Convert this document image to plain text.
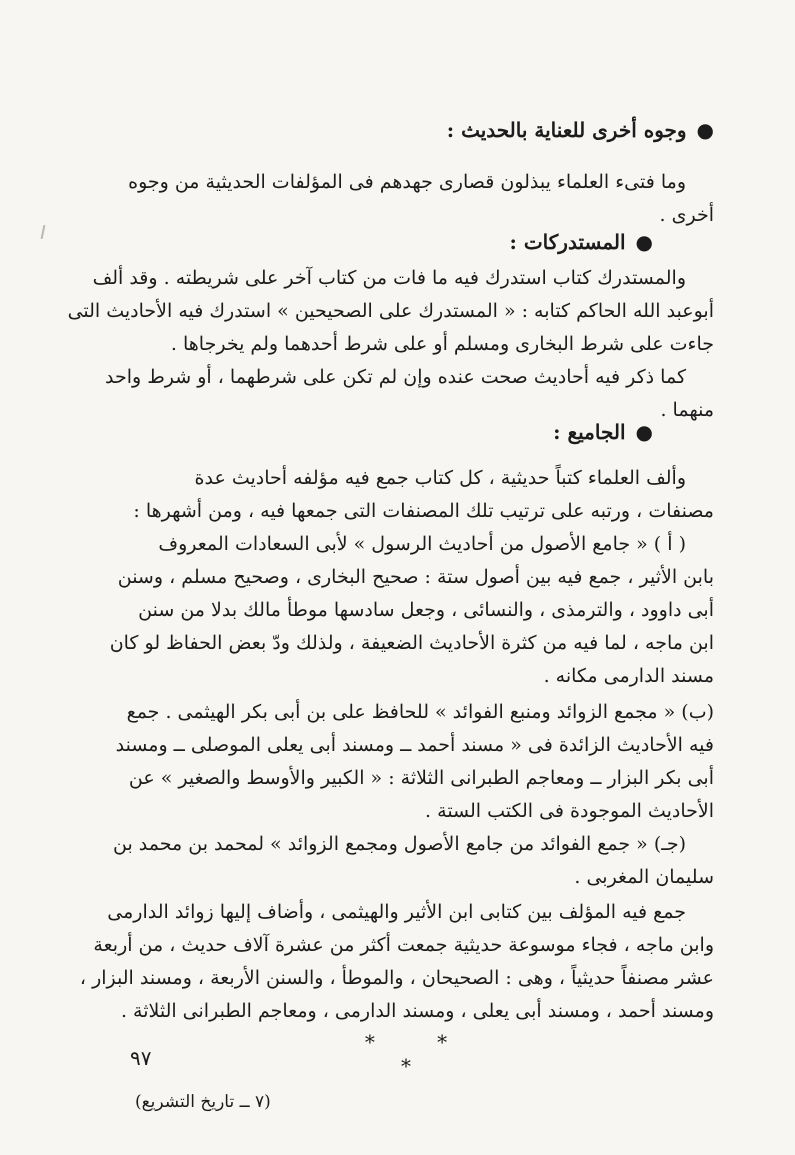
●وجوه أخرى للعناية بالحديث :
وما فتىء العلماء يبذلون قصارى جهدهم فى المؤلفات الحديثية من وجوه
أخرى .
●المستدركات :
والمستدرك كتاب استدرك فيه ما فات من كتاب آخر على شريطته . وقد ألف
أبوعبد الله الحاكم كتابه : « المستدرك على الصحيحين » استدرك فيه الأحاديث التى
جاءت على شرط البخارى ومسلم أو على شرط أحدهما ولم يخرجاها .
كما ذكر فيه أحاديث صحت عنده وإن لم تكن على شرطهما ، أو شرط واحد
منهما .
●الجاميع :
وألف العلماء كتباً حديثية ، كل كتاب جمع فيه مؤلفه أحاديث عدة
مصنفات ، ورتبه على ترتيب تلك المصنفات التى جمعها فيه ، ومن أشهرها :
( أ ) « جامع الأصول من أحاديث الرسول » لأبى السعادات المعروف
بابن الأثير ، جمع فيه بين أصول ستة : صحيح البخارى ، وصحيح مسلم ، وسنن
أبى داوود ، والترمذى ، والنسائى ، وجعل سادسها موطأ مالك بدلا من سنن
ابن ماجه ، لما فيه من كثرة الأحاديث الضعيفة ، ولذلك ودّ بعض الحفاظ لو كان
مسند الدارمى مكانه .
(ب) « مجمع الزوائد ومنبع الفوائد » للحافظ على بن أبى بكر الهيثمى . جمع
فيه الأحاديث الزائدة فى « مسند أحمد ــ ومسند أبى يعلى الموصلى ــ ومسند
أبى بكر البزار ــ ومعاجم الطبرانى الثلاثة : « الكبير والأوسط والصغير » عن
الأحاديث الموجودة فى الكتب الستة .
(جـ) « جمع الفوائد من جامع الأصول ومجمع الزوائد » لمحمد بن محمد بن
سليمان المغربى .
جمع فيه المؤلف بين كتابى ابن الأثير والهيثمى ، وأضاف إليها زوائد الدارمى
وابن ماجه ، فجاء موسوعة حديثية جمعت أكثر من عشرة آلاف حديث ، من أربعة
عشر مصنفاً حديثياً ، وهى : الصحيحان ، والموطأ ، والسنن الأربعة ، ومسند البزار ،
ومسند أحمد ، ومسند أبى يعلى ، ومسند الدارمى ، ومعاجم الطبرانى الثلاثة .
* * *
٩٧
(٧ ــ تاريخ التشريع)
